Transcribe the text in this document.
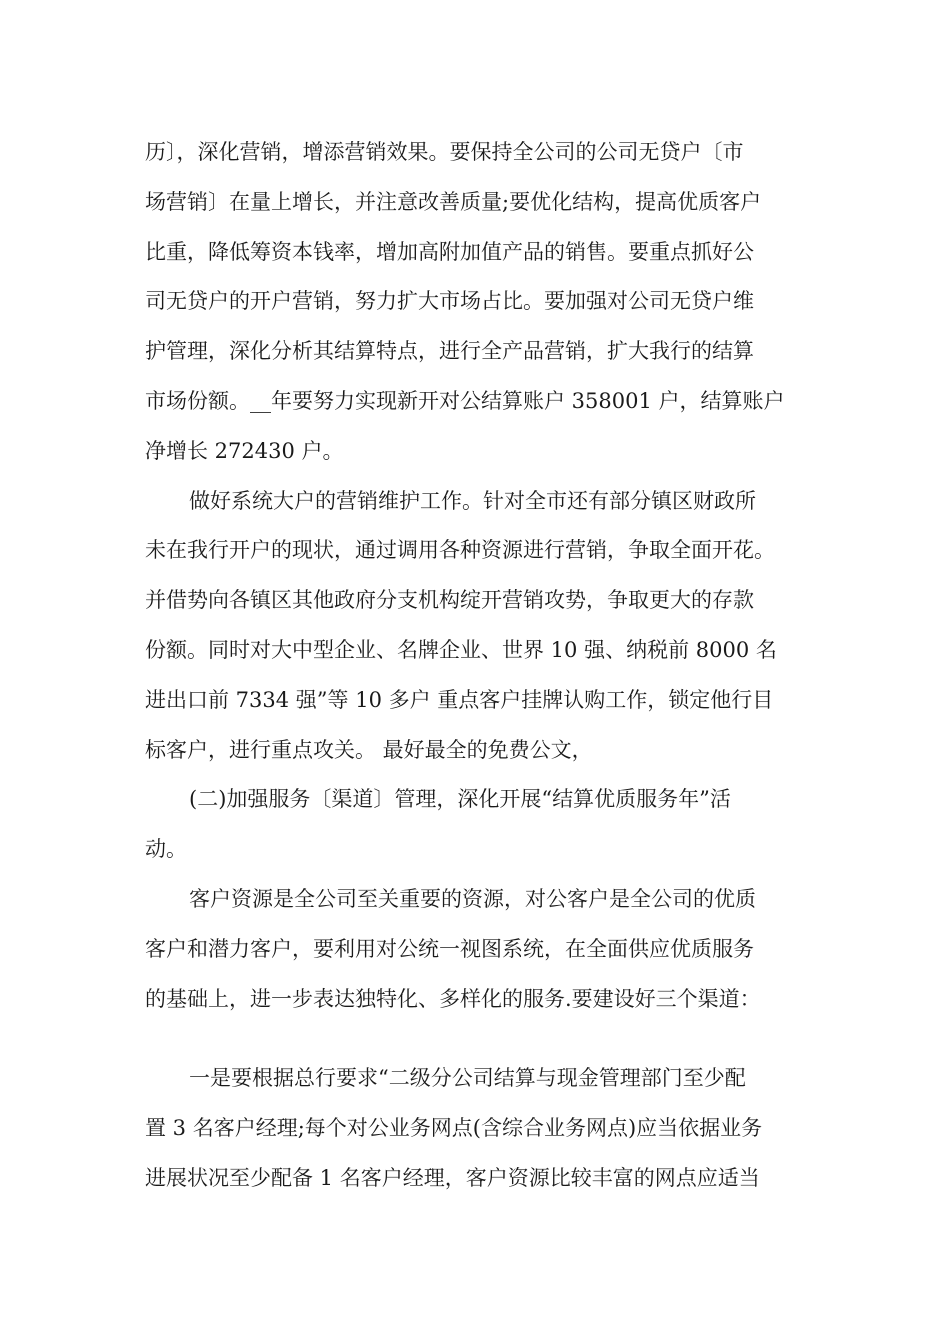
历〕，深化营销，增添营销效果。要保持全公司的公司无贷户〔市
场营销〕在量上增长，并注意改善质量;要优化结构，提高优质客户
比重，降低筹资本钱率，增加高附加值产品的销售。要重点抓好公
司无贷户的开户营销，努力扩大市场占比。要加强对公司无贷户维
护管理，深化分析其结算特点，进行全产品营销，扩大我行的结算
市场份额。__年要努力实现新开对公结算账户 358001 户，结算账户
净增长 272430 户。
做好系统大户的营销维护工作。针对全市还有部分镇区财政所
未在我行开户的现状，通过调用各种资源进行营销，争取全面开花。
并借势向各镇区其他政府分支机构绽开营销攻势，争取更大的存款
份额。同时对大中型企业、名牌企业、世界 10 强、纳税前 8000 名
进出口前 7334 强”等 10 多户 重点客户挂牌认购工作，锁定他行目
标客户，进行重点攻关。 最好最全的免费公文，
(二)加强服务〔渠道〕管理，深化开展“结算优质服务年”活
动。
客户资源是全公司至关重要的资源，对公客户是全公司的优质
客户和潜力客户，要利用对公统一视图系统，在全面供应优质服务
的基础上，进一步表达独特化、多样化的服务.要建设好三个渠道：
一是要根据总行要求“二级分公司结算与现金管理部门至少配
置 3 名客户经理;每个对公业务网点(含综合业务网点)应当依据业务
进展状况至少配备 1 名客户经理，客户资源比较丰富的网点应适当
